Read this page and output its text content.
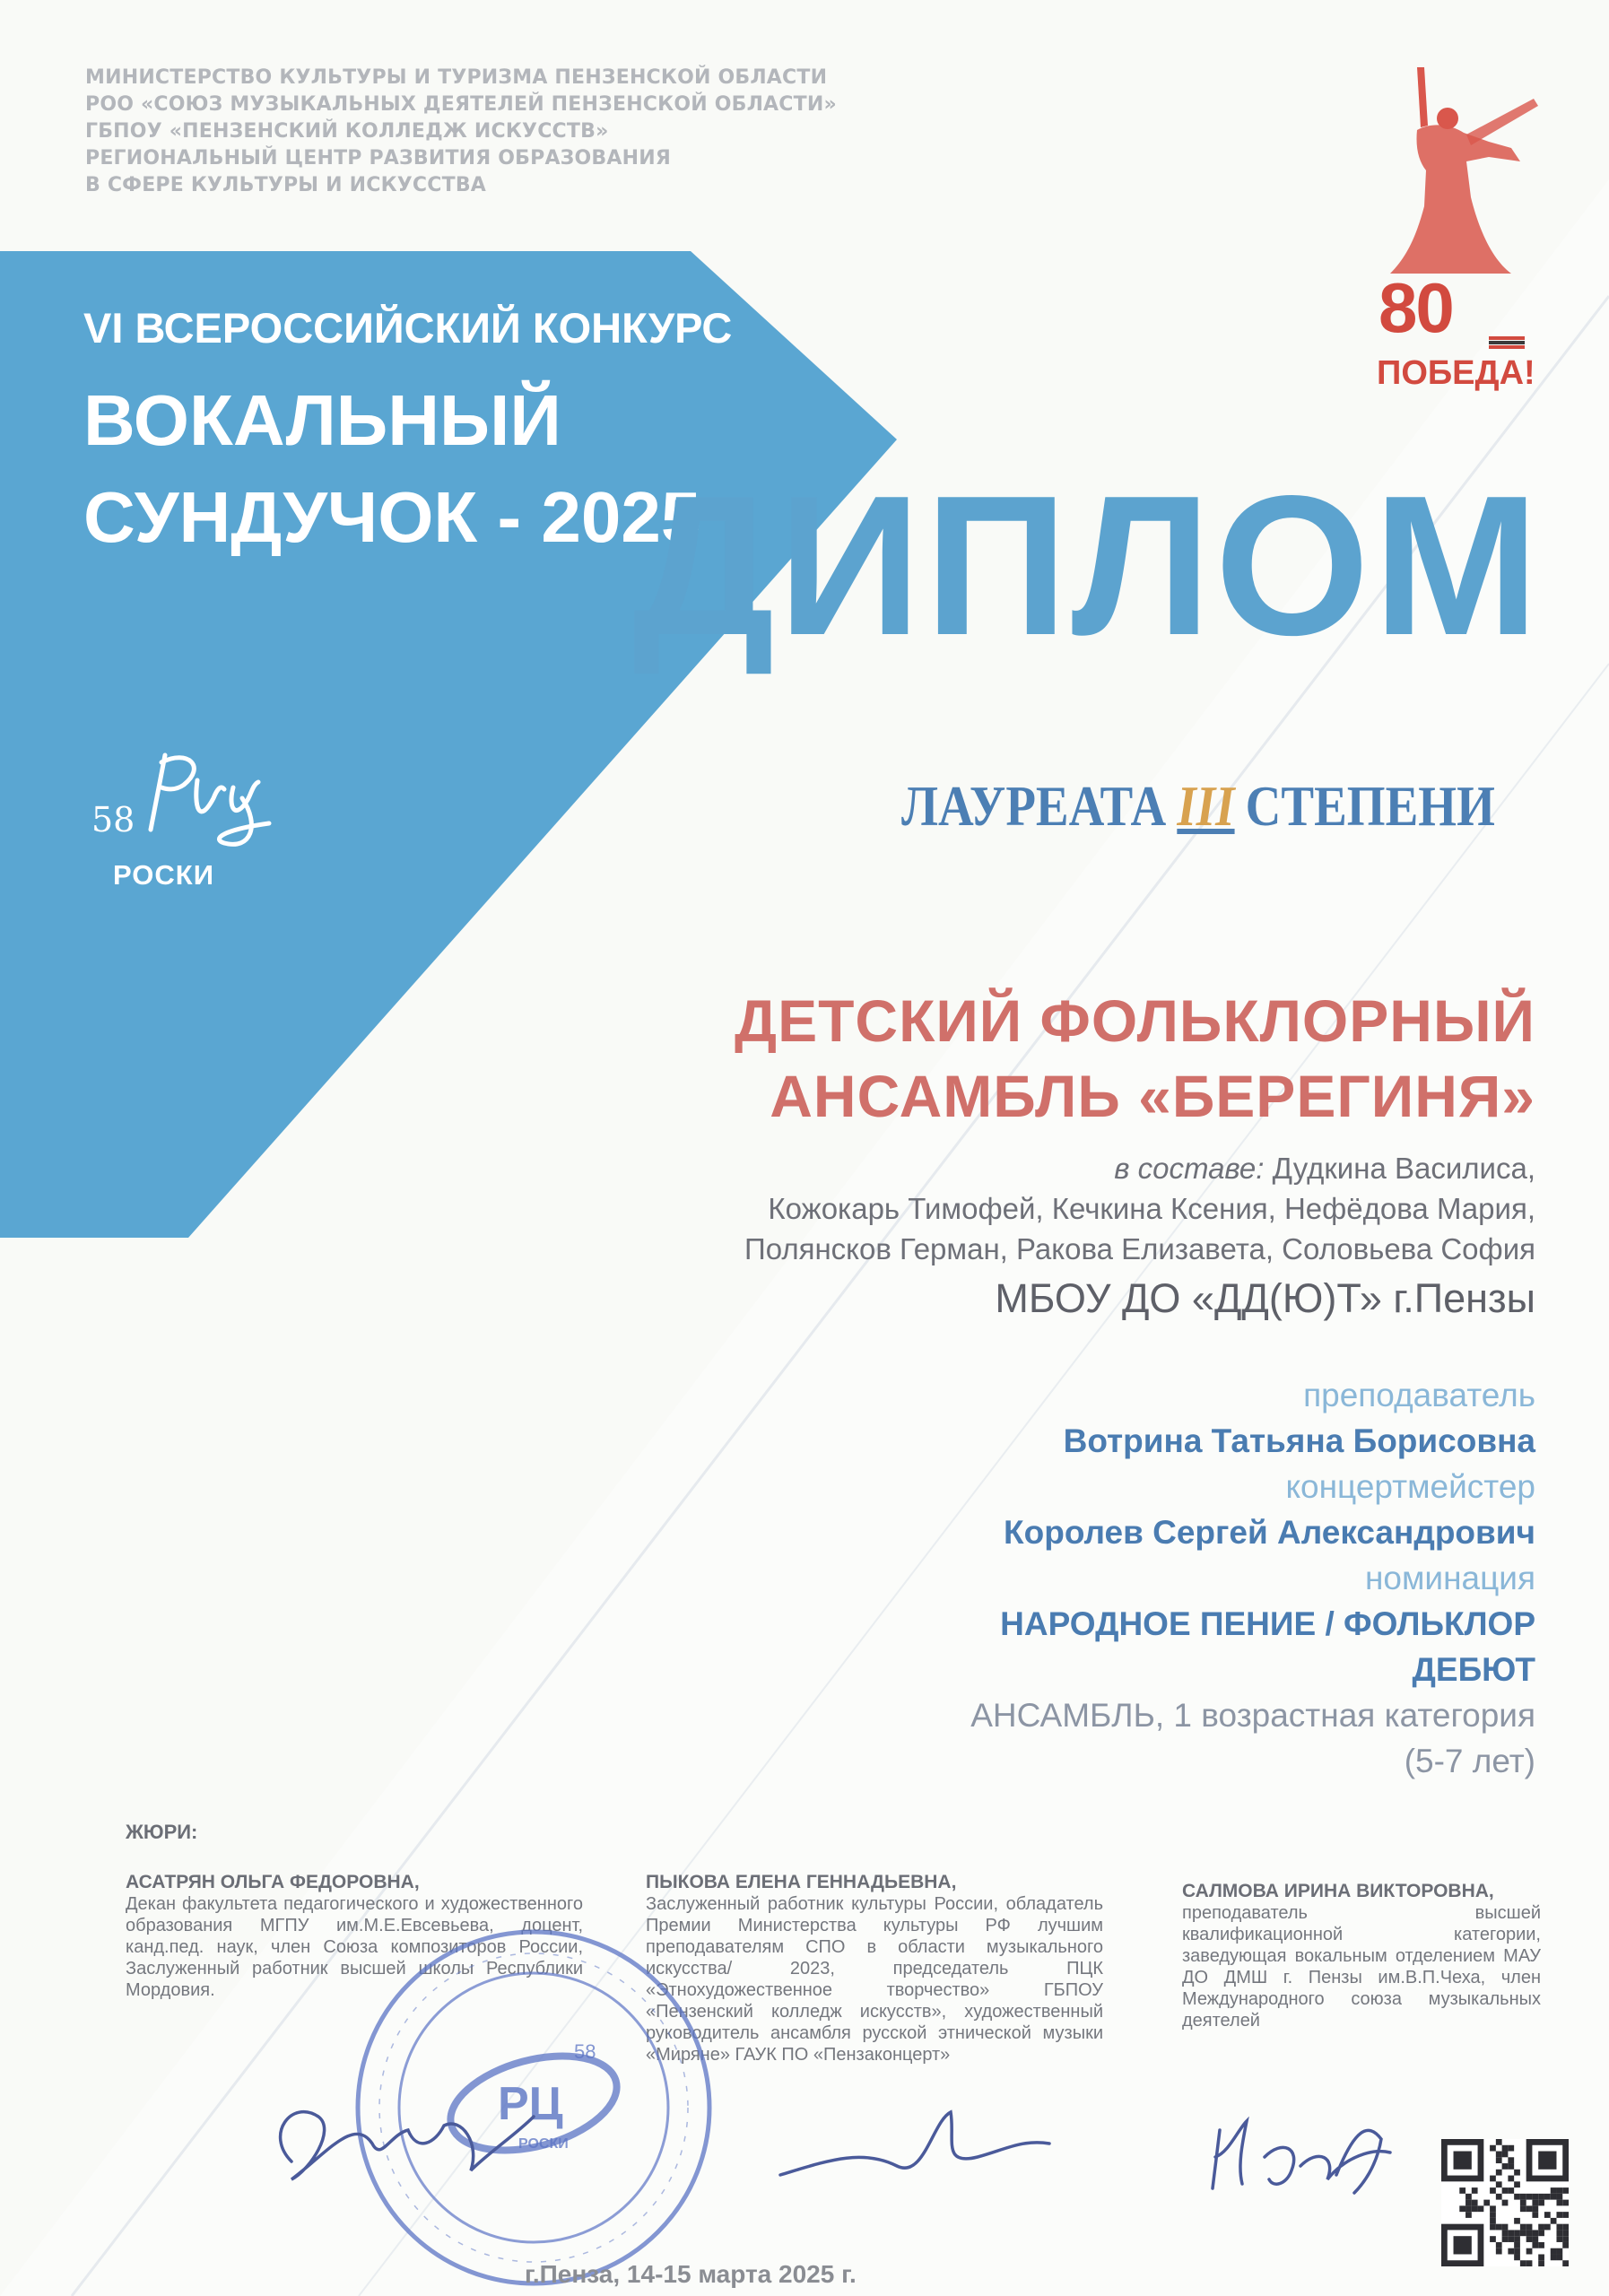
МИНИСТЕРСТВО КУЛЬТУРЫ И ТУРИЗМА ПЕНЗЕНСКОЙ ОБЛАСТИ
РОО «СОЮЗ МУЗЫКАЛЬНЫХ ДЕЯТЕЛЕЙ ПЕНЗЕНСКОЙ ОБЛАСТИ»
ГБПОУ «ПЕНЗЕНСКИЙ КОЛЛЕДЖ ИСКУССТВ»
РЕГИОНАЛЬНЫЙ ЦЕНТР РАЗВИТИЯ ОБРАЗОВАНИЯ
В СФЕРЕ КУЛЬТУРЫ И ИСКУССТВА
VI ВСЕРОССИЙСКИЙ КОНКУРС
ВОКАЛЬНЫЙ
СУНДУЧОК - 2025
58
РОСКИ
80
ПОБЕДА!
ДИПЛОМ
ЛАУРЕАТА III СТЕПЕНИ
ДЕТСКИЙ ФОЛЬКЛОРНЫЙ
АНСАМБЛЬ «БЕРЕГИНЯ»
в составе: Дудкина Василиса,
Кожокарь Тимофей, Кечкина Ксения, Нефёдова Мария,
Полянсков Герман, Ракова Елизавета, Соловьева София
МБОУ ДО «ДД(Ю)Т» г.Пензы
преподаватель
Вотрина Татьяна Борисовна
концертмейстер
Королев Сергей Александрович
номинация
НАРОДНОЕ ПЕНИЕ / ФОЛЬКЛОР
ДЕБЮТ
АНСАМБЛЬ, 1 возрастная категория
(5-7 лет)
ЖЮРИ:
АСАТРЯН ОЛЬГА ФЕДОРОВНА,

Декан факультета педагогического и художественного образования МГПУ им.М.Е.Евсевьева, доцент, канд.пед. наук, член Союза композиторов России, Заслуженный работник высшей школы Республики Мордовия.

ПЫКОВА ЕЛЕНА ГЕННАДЬЕВНА,

Заслуженный работник культуры России, обладатель Премии Министерства культуры РФ лучшим преподавателям СПО в области музыкального искусства/ 2023, председатель ПЦК «Этнохудожественное творчество» ГБПОУ «Пензенский колледж искусств», художественный руководитель ансамбля русской этнической музыки «Миряне» ГАУК ПО «Пензаконцерт»

САЛМОВА ИРИНА ВИКТОРОВНА,

преподаватель высшей квалификационной категории, заведующая вокальным отделением МАУ ДО ДМШ г. Пензы им.В.П.Чеха, член Международного союза музыкальных деятелей

РЦ
58
РОСКИ
г.Пенза, 14-15 марта 2025 г.
